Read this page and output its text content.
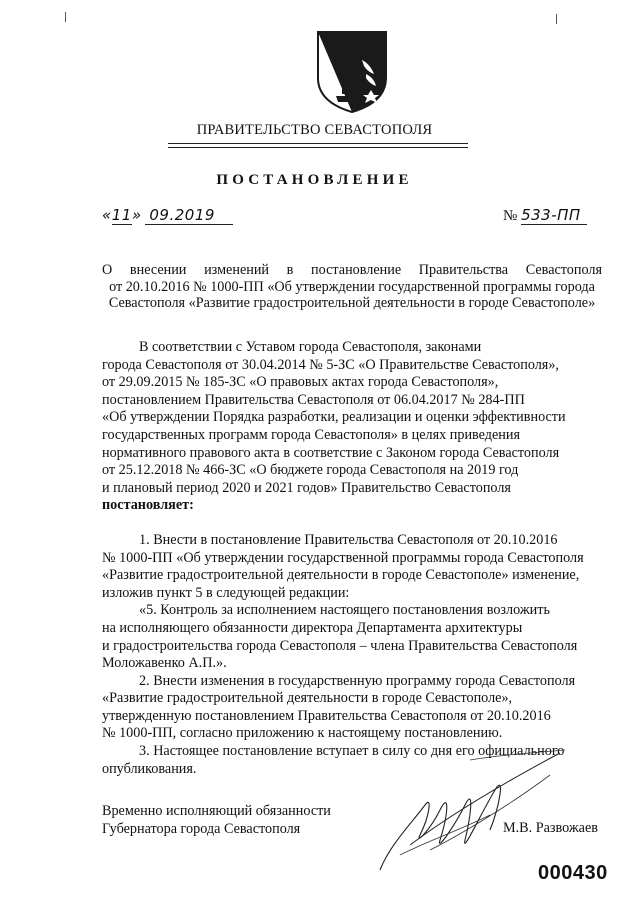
ПРАВИТЕЛЬСТВО СЕВАСТОПОЛЯ
ПОСТАНОВЛЕНИЕ
«11» 09.2019	№ 533-ПП

О внесении изменений в постановление Правительства Севастополя

от 20.10.2016 № 1000-ПП «Об утверждении государственной программы города

Севастополя «Развитие градостроительной деятельности в городе Севастополе»

В соответствии с Уставом города Севастополя, законами

города Севастополя от 30.04.2014 № 5-ЗС «О Правительстве Севастополя»,

от 29.09.2015 № 185-ЗС «О правовых актах города Севастополя»,

постановлением Правительства Севастополя от 06.04.2017 № 284-ПП

«Об утверждении Порядка разработки, реализации и оценки эффективности

государственных программ города Севастополя» в целях приведения

нормативного правового акта в соответствие с Законом города Севастополя

от 25.12.2018 № 466-ЗС «О бюджете города Севастополя на 2019 год

и плановый период 2020 и 2021 годов» Правительство Севастополя

постановляет:

1. Внести в постановление Правительства Севастополя от 20.10.2016

№ 1000-ПП «Об утверждении государственной программы города Севастополя

«Развитие градостроительной деятельности в городе Севастополе» изменение,

изложив пункт 5 в следующей редакции:

«5. Контроль за исполнением настоящего постановления возложить

на исполняющего обязанности директора Департамента архитектуры

и градостроительства города Севастополя – члена Правительства Севастополя

Моложавенко А.П.».

2. Внести изменения в государственную программу города Севастополя

«Развитие градостроительной деятельности в городе Севастополе»,

утвержденную постановлением Правительства Севастополя от 20.10.2016

№ 1000-ПП, согласно приложению к настоящему постановлению.

3. Настоящее постановление вступает в силу со дня его официального

опубликования.

Временно исполняющий обязанности
Губернатора города Севастополя	М.В. Развожаев
000430
